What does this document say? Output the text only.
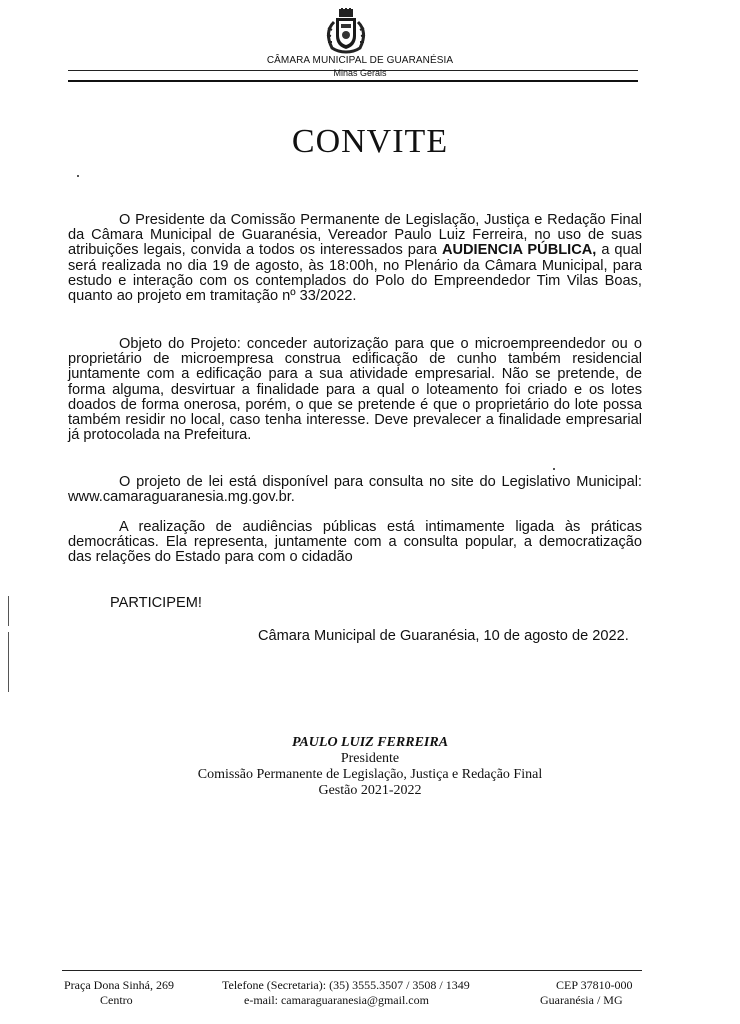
CÂMARA MUNICIPAL DE GUARANÉSIA
Minas Gerais
CONVITE

O Presidente da Comissão Permanente de Legislação, Justiça e Redação Final da Câmara Municipal de Guaranésia, Vereador Paulo Luiz Ferreira, no uso de suas atribuições legais, convida a todos os interessados para AUDIENCIA PÚBLICA, a qual será realizada no dia 19 de agosto, às 18:00h, no Plenário da Câmara Municipal, para estudo e interação com os contemplados do Polo do Empreendedor Tim Vilas Boas, quanto ao projeto em tramitação nº 33/2022.

Objeto do Projeto: conceder autorização para que o microempreendedor ou o proprietário de microempresa construa edificação de cunho também residencial juntamente com a edificação para a sua atividade empresarial. Não se pretende, de forma alguma, desvirtuar a finalidade para a qual o loteamento foi criado e os lotes doados de forma onerosa, porém, o que se pretende é que o proprietário do lote possa também residir no local, caso tenha interesse. Deve prevalecer a finalidade empresarial já protocolada na Prefeitura.

O projeto de lei está disponível para consulta no site do Legislativo Municipal: www.camaraguaranesia.mg.gov.br.

A realização de audiências públicas está intimamente ligada às práticas democráticas. Ela representa, juntamente com a consulta popular, a democratização das relações do Estado para com o cidadão

PARTICIPEM!

Câmara Municipal de Guaranésia, 10 de agosto de 2022.

PAULO LUIZ FERREIRA
Presidente
Comissão Permanente de Legislação, Justiça e Redação Final
Gestão 2021-2022
Praça Dona Sinhá, 269
Centro
Telefone (Secretaria): (35) 3555.3507 / 3508 / 1349
e-mail: camaraguaranesia@gmail.com
CEP 37810-000
Guaranésia / MG
